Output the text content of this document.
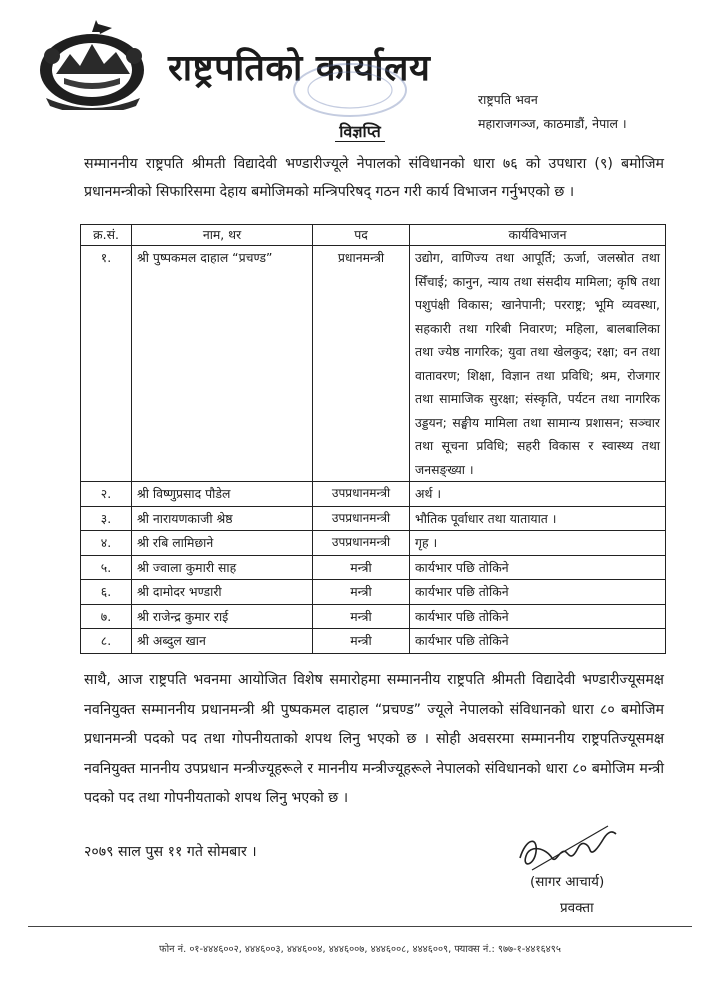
राष्ट्रपतिको कार्यालय
राष्ट्रपति भवन
महाराजगञ्ज, काठमाडौं, नेपाल ।
विज्ञप्ति
सम्माननीय राष्ट्रपति श्रीमती विद्यादेवी भण्डारीज्यूले नेपालको संविधानको धारा ७६ को उपधारा (९) बमोजिम प्रधानमन्त्रीको सिफारिसमा देहाय बमोजिमको मन्त्रिपरिषद् गठन गरी कार्य विभाजन गर्नुभएको छ ।
क्र.सं.	नाम, थर	पद	कार्यविभाजन
१.	श्री पुष्पकमल दाहाल “प्रचण्ड”	प्रधानमन्त्री	उद्योग, वाणिज्य तथा आपूर्ति; ऊर्जा, जलस्रोत तथा सिँचाई; कानुन, न्याय तथा संसदीय मामिला; कृषि तथा पशुपंक्षी विकास; खानेपानी; परराष्ट्र; भूमि व्यवस्था, सहकारी तथा गरिबी निवारण; महिला, बालबालिका तथा ज्येष्ठ नागरिक; युवा तथा खेलकुद; रक्षा; वन तथा वातावरण; शिक्षा, विज्ञान तथा प्रविधि; श्रम, रोजगार तथा सामाजिक सुरक्षा; संस्कृति, पर्यटन तथा नागरिक उड्डयन; सङ्घीय मामिला तथा सामान्य प्रशासन; सञ्चार तथा सूचना प्रविधि; सहरी विकास र स्वास्थ्य तथा जनसङ्ख्या ।
२.	श्री विष्णुप्रसाद पौडेल	उपप्रधानमन्त्री	अर्थ ।
३.	श्री नारायणकाजी श्रेष्ठ	उपप्रधानमन्त्री	भौतिक पूर्वाधार तथा यातायात ।
४.	श्री रबि लामिछाने	उपप्रधानमन्त्री	गृह ।
५.	श्री ज्वाला कुमारी साह	मन्त्री	कार्यभार पछि तोकिने
६.	श्री दामोदर भण्डारी	मन्त्री	कार्यभार पछि तोकिने
७.	श्री राजेन्द्र कुमार राई	मन्त्री	कार्यभार पछि तोकिने
८.	श्री अब्दुल खान	मन्त्री	कार्यभार पछि तोकिने
साथै, आज राष्ट्रपति भवनमा आयोजित विशेष समारोहमा सम्माननीय राष्ट्रपति श्रीमती विद्यादेवी भण्डारीज्यूसमक्ष नवनियुक्त सम्माननीय प्रधानमन्त्री श्री पुष्पकमल दाहाल “प्रचण्ड” ज्यूले नेपालको संविधानको धारा ८० बमोजिम प्रधानमन्त्री पदको पद तथा गोपनीयताको शपथ लिनु भएको छ । सोही अवसरमा सम्माननीय राष्ट्रपतिज्यूसमक्ष नवनियुक्त माननीय उपप्रधान मन्त्रीज्यूहरूले र माननीय मन्त्रीज्यूहरूले नेपालको संविधानको धारा ८० बमोजिम मन्त्री पदको पद तथा गोपनीयताको शपथ लिनु भएको छ ।
२०७९ साल पुस ११ गते सोमबार ।
(सागर आचार्य)
प्रवक्ता
फोन नं. ०१-४४४६००२, ४४४६००३, ४४४६००४, ४४४६००७, ४४४६००८, ४४४६००९, फ्याक्स नं.: ९७७-१-४४१६४९५
